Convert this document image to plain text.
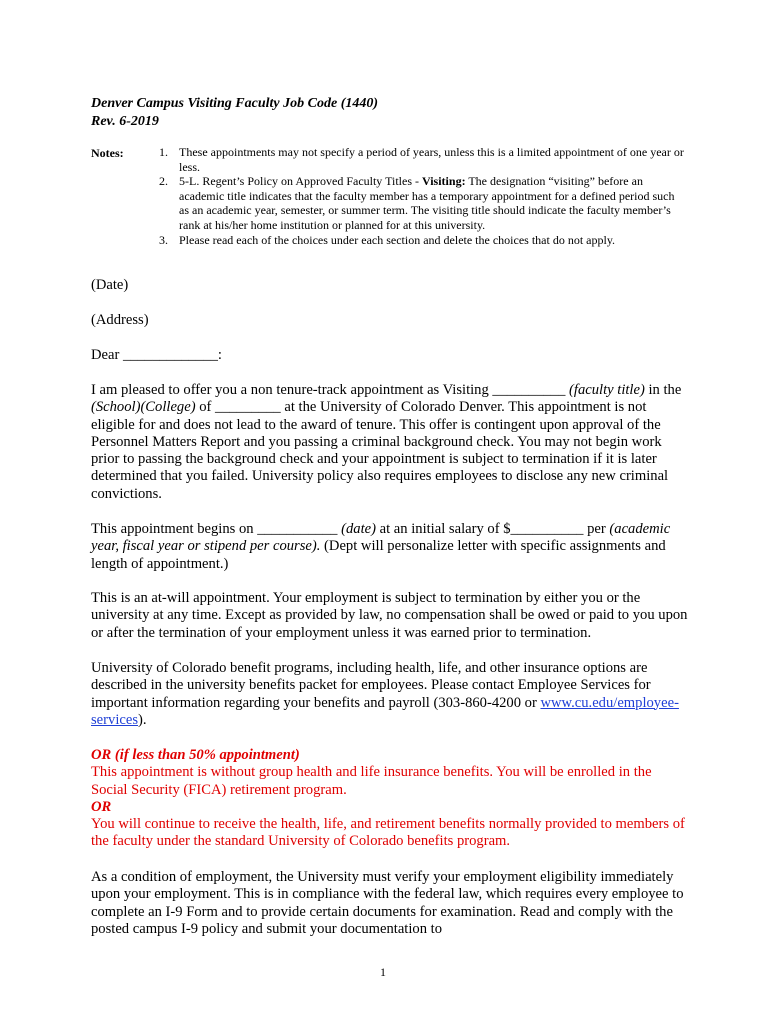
Denver Campus Visiting Faculty Job Code (1440)
Rev. 6-2019
Notes:	1. These appointments may not specify a period of years, unless this is a limited appointment of one year or less.
2. 5-L. Regent’s Policy on Approved Faculty Titles - Visiting: The designation “visiting” before an academic title indicates that the faculty member has a temporary appointment for a defined period such as an academic year, semester, or summer term. The visiting title should indicate the faculty member’s rank at his/her home institution or planned for at this university.
3. Please read each of the choices under each section and delete the choices that do not apply.

(Date)

(Address)

Dear _____________:

I am pleased to offer you a non tenure-track appointment as Visiting __________ (faculty title) in the (School)(College) of _________ at the University of Colorado Denver. This appointment is not eligible for and does not lead to the award of tenure. This offer is contingent upon approval of the Personnel Matters Report and you passing a criminal background check. You may not begin work prior to passing the background check and your appointment is subject to termination if it is later determined that you failed. University policy also requires employees to disclose any new criminal convictions.

This appointment begins on ___________ (date) at an initial salary of $__________ per (academic year, fiscal year or stipend per course). (Dept will personalize letter with specific assignments and length of appointment.)

This is an at-will appointment. Your employment is subject to termination by either you or the university at any time. Except as provided by law, no compensation shall be owed or paid to you upon or after the termination of your employment unless it was earned prior to termination.

University of Colorado benefit programs, including health, life, and other insurance options are described in the university benefits packet for employees. Please contact Employee Services for important information regarding your benefits and payroll (303-860-4200 or www.cu.edu/employee-services).

OR (if less than 50% appointment)
This appointment is without group health and life insurance benefits. You will be enrolled in the Social Security (FICA) retirement program.
OR
You will continue to receive the health, life, and retirement benefits normally provided to members of the faculty under the standard University of Colorado benefits program.

As a condition of employment, the University must verify your employment eligibility immediately upon your employment. This is in compliance with the federal law, which requires every employee to complete an I-9 Form and to provide certain documents for examination. Read and comply with the posted campus I-9 policy and submit your documentation to

1
